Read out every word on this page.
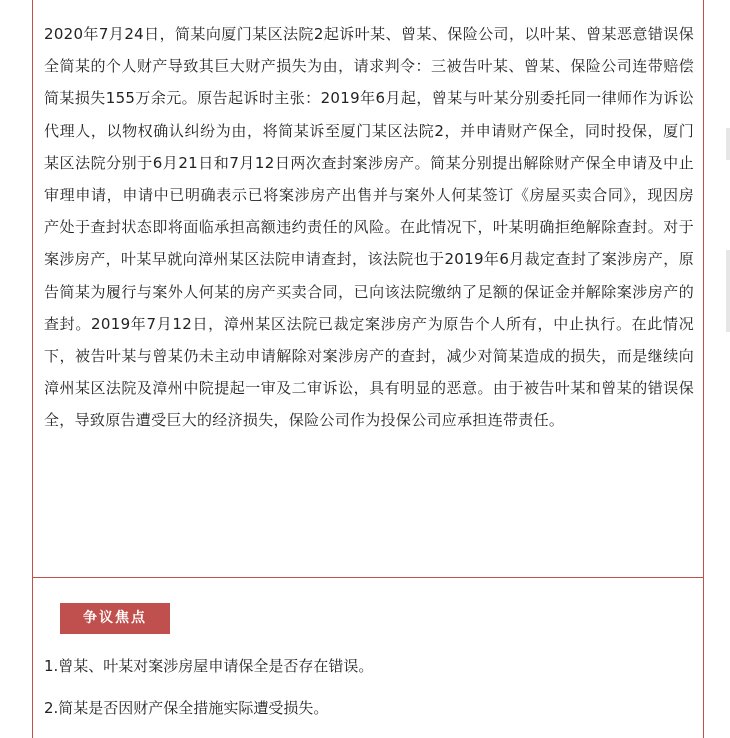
2020年7月24日，简某向厦门某区法院2起诉叶某、曾某、保险公司，以叶某、曾某恶意错误保全简某的个人财产导致其巨大财产损失为由，请求判令：三被告叶某、曾某、保险公司连带赔偿简某损失155万余元。原告起诉时主张：2019年6月起，曾某与叶某分别委托同一律师作为诉讼代理人，以物权确认纠纷为由，将简某诉至厦门某区法院2，并申请财产保全，同时投保，厦门某区法院分别于6月21日和7月12日两次查封案涉房产。简某分别提出解除财产保全申请及中止审理申请，申请中已明确表示已将案涉房产出售并与案外人何某签订《房屋买卖合同》，现因房产处于查封状态即将面临承担高额违约责任的风险。在此情况下，叶某明确拒绝解除查封。对于案涉房产，叶某早就向漳州某区法院申请查封，该法院也于2019年6月裁定查封了案涉房产，原告简某为履行与案外人何某的房产买卖合同，已向该法院缴纳了足额的保证金并解除案涉房产的查封。2019年7月12日，漳州某区法院已裁定案涉房产为原告个人所有，中止执行。在此情况下，被告叶某与曾某仍未主动申请解除对案涉房产的查封，减少对简某造成的损失，而是继续向漳州某区法院及漳州中院提起一审及二审诉讼，具有明显的恶意。由于被告叶某和曾某的错误保全，导致原告遭受巨大的经济损失，保险公司作为投保公司应承担连带责任。

争议焦点
1.曾某、叶某对案涉房屋申请保全是否存在错误。
2.简某是否因财产保全措施实际遭受损失。
